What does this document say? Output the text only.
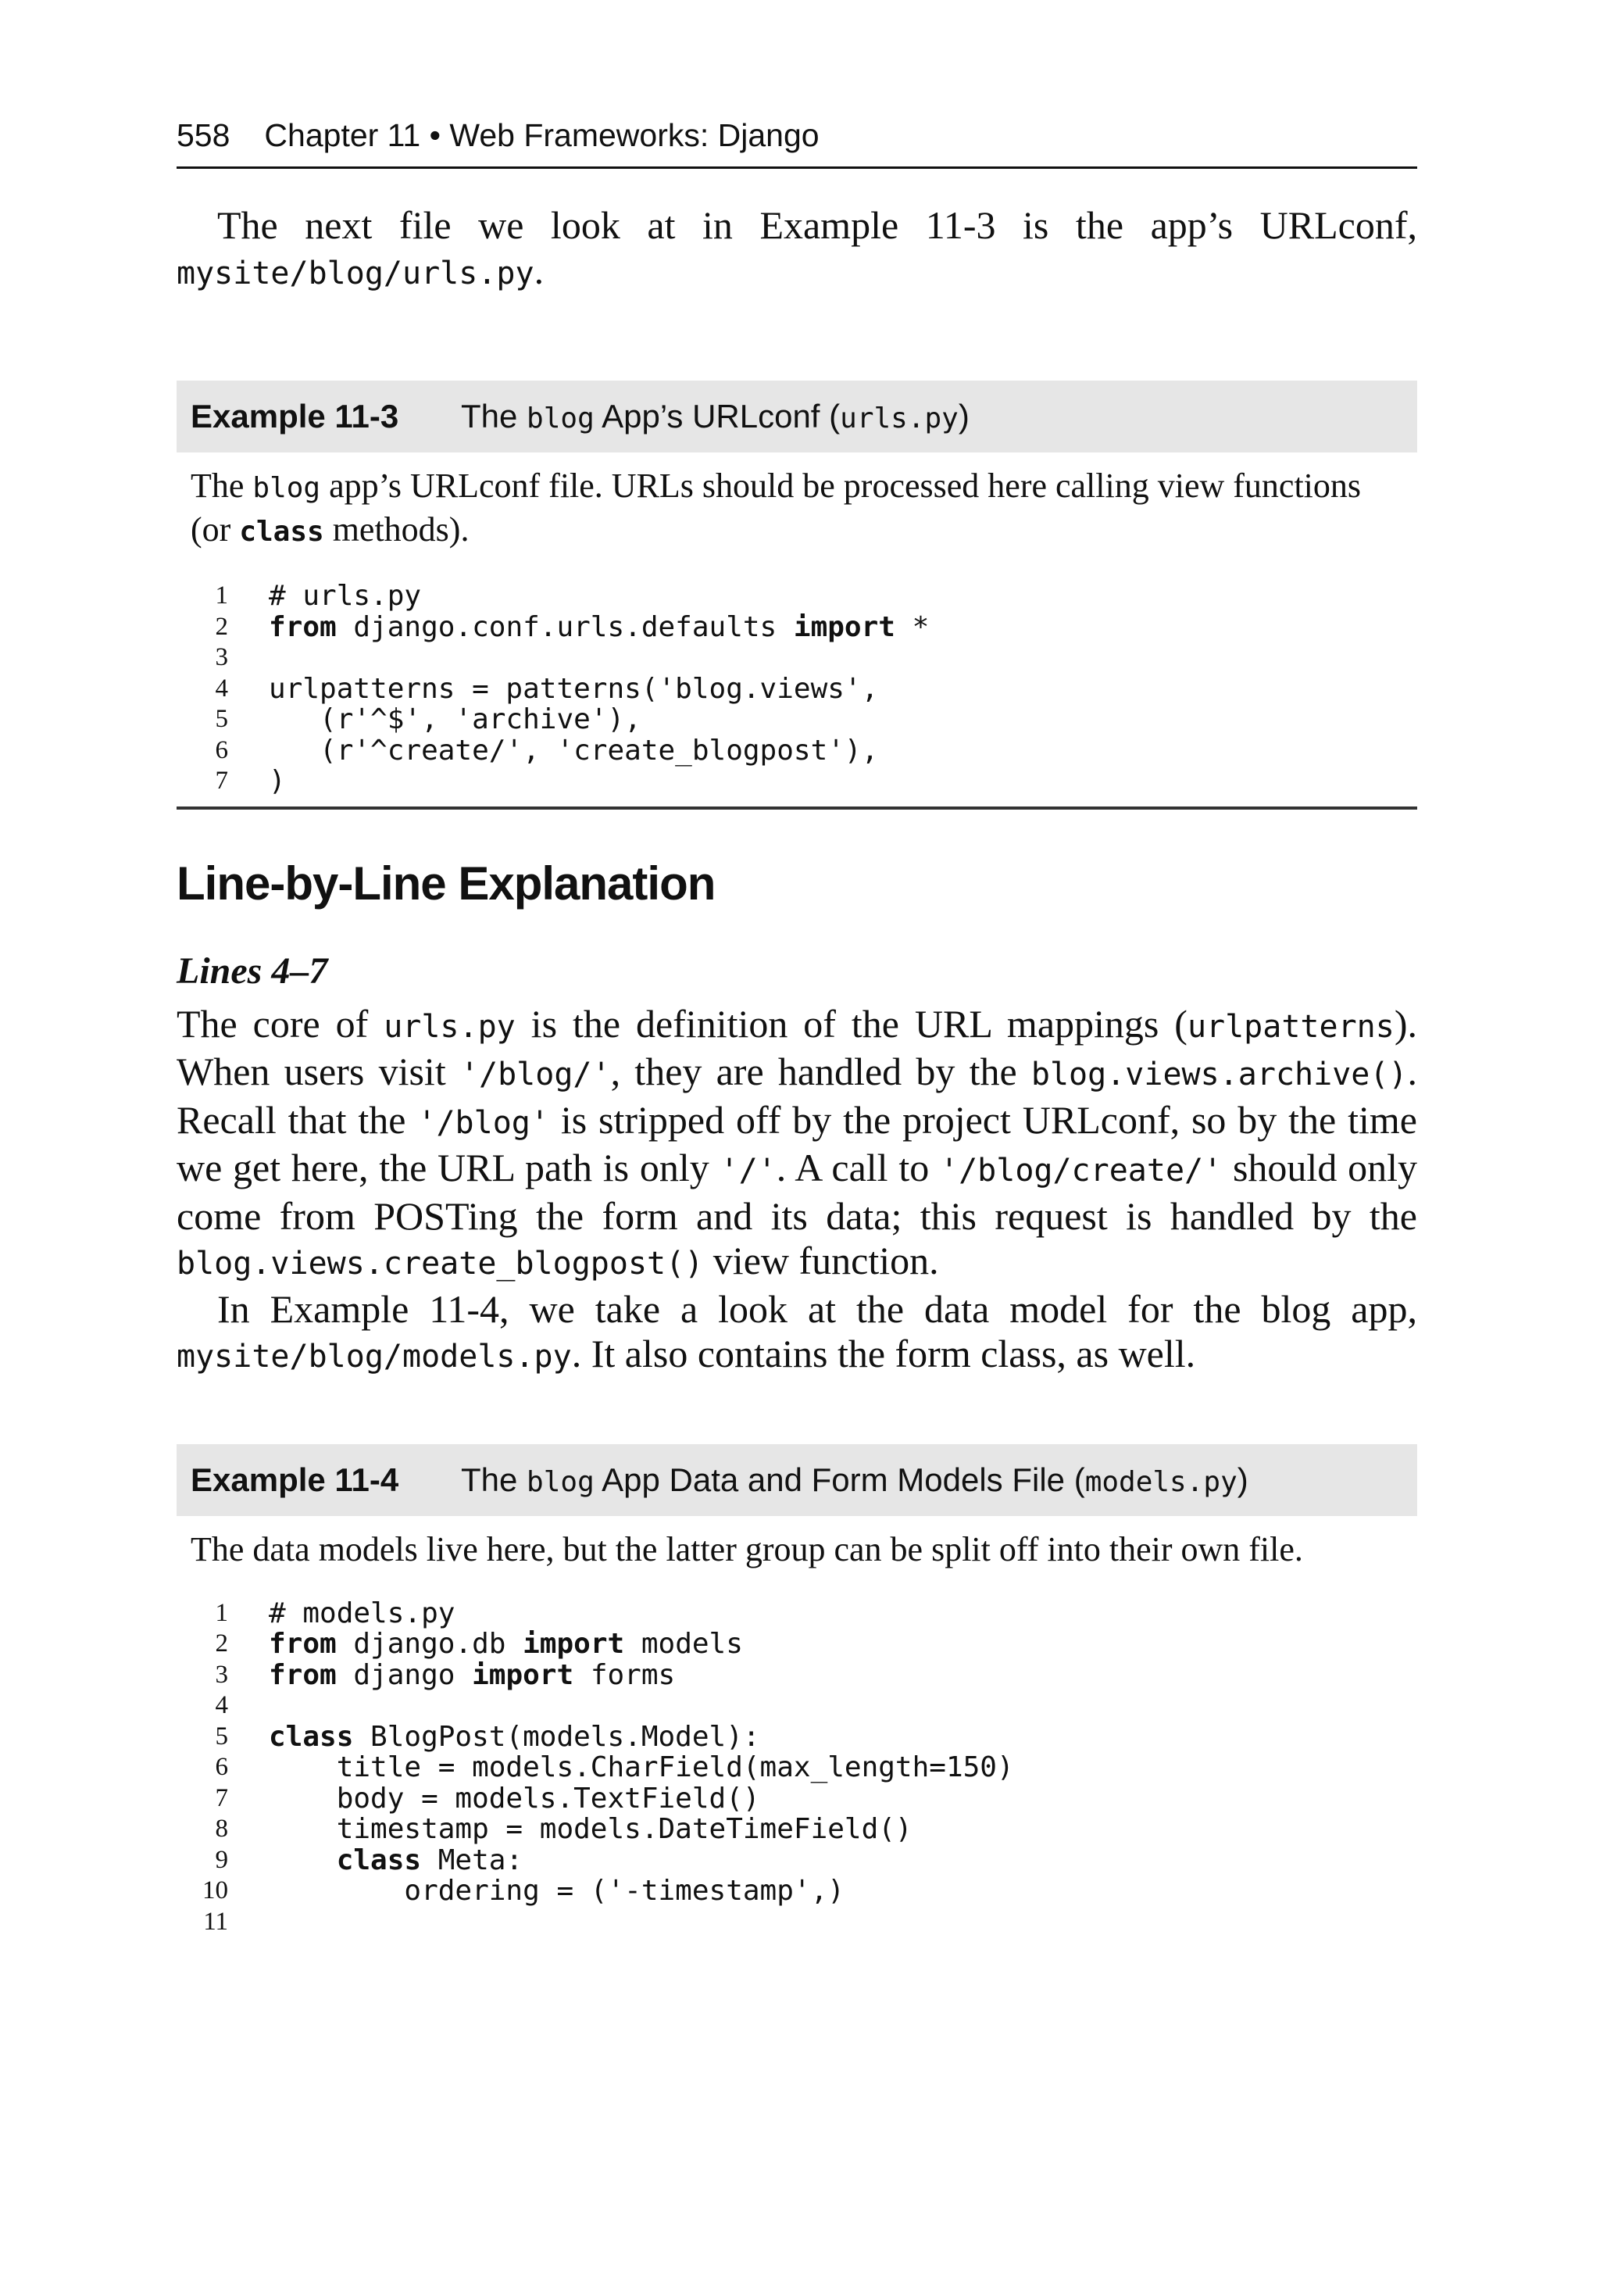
558 Chapter 11 • Web Frameworks: Django

The next file we look at in Example 11-3 is the app’s URLconf, mysite/blog/urls.py.

Example 11-3	The blog App’s URLconf (urls.py)
The blog app’s URLconf file. URLs should be processed here calling view functions (or class methods).
1 # urls.py
2 from django.conf.urls.defaults import *
3
4 urlpatterns = patterns('blog.views',
5 (r'^$', 'archive'),
6 (r'^create/', 'create_blogpost'),
7 )
Line-by-Line Explanation
Lines 4–7

The core of urls.py is the definition of the URL mappings (urlpatterns). When users visit '/blog/', they are handled by the blog.views.archive(). Recall that the '/blog' is stripped off by the project URLconf, so by the time we get here, the URL path is only '/'. A call to '/blog/create/' should only come from POSTing the form and its data; this request is handled by the blog.views.create_blogpost() view function.

In Example 11-4, we take a look at the data model for the blog app, mysite/blog/models.py. It also contains the form class, as well.

Example 11-4	The blog App Data and Form Models File (models.py)
The data models live here, but the latter group can be split off into their own file.
1 # models.py
2 from django.db import models
3 from django import forms
4
5 class BlogPost(models.Model):
6 title = models.CharField(max_length=150)
7 body = models.TextField()
8 timestamp = models.DateTimeField()
9	class Meta:
10 ordering = ('-timestamp',)
11
